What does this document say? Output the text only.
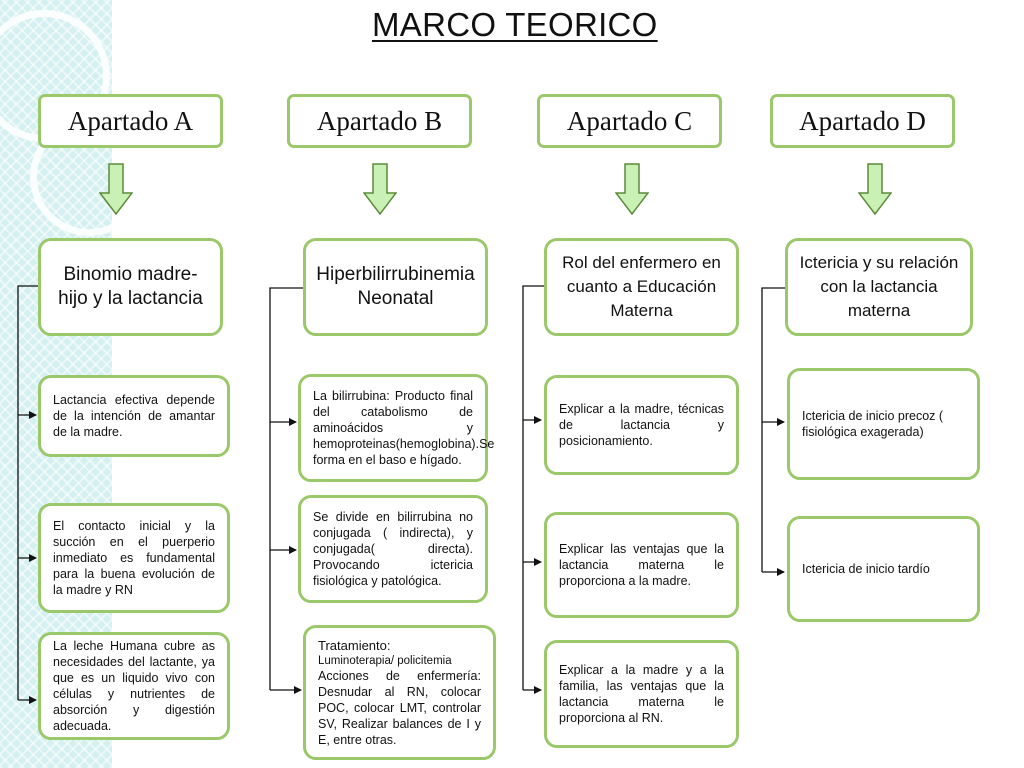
MARCO TEORICO
Apartado A	Apartado B	Apartado C	Apartado D
Binomio madre-hijo y la lactancia
Hiperbilirrubinemia Neonatal
Rol del enfermero en cuanto a Educación Materna
Ictericia y su relación con la lactancia materna
Lactancia efectiva depende de la intención de amantar de la madre.
El contacto inicial y la succión en el puerperio inmediato es fundamental para la buena evolución de la madre y RN
La leche Humana cubre as necesidades del lactante, ya que es un liquido vivo con células y nutrientes de absorción y digestión adecuada.
La bilirrubina: Producto final del catabolismo de aminoácidos y hemoproteinas(hemoglobina).Se forma en el baso e hígado.
Se divide en bilirrubina no conjugada ( indirecta), y conjugada( directa). Provocando ictericia fisiológica y patológica.
Tratamiento:
Luminoterapia/ policitemia
Acciones de enfermería: Desnudar al RN, colocar POC, colocar LMT, controlar SV, Realizar balances de I y E, entre otras.
Explicar a la madre, técnicas de lactancia y posicionamiento.
Explicar las ventajas que la lactancia materna le proporciona a la madre.
Explicar a la madre y a la familia, las ventajas que la lactancia materna le proporciona al RN.
Ictericia de inicio precoz ( fisiológica exagerada)
Ictericia de inicio tardío
